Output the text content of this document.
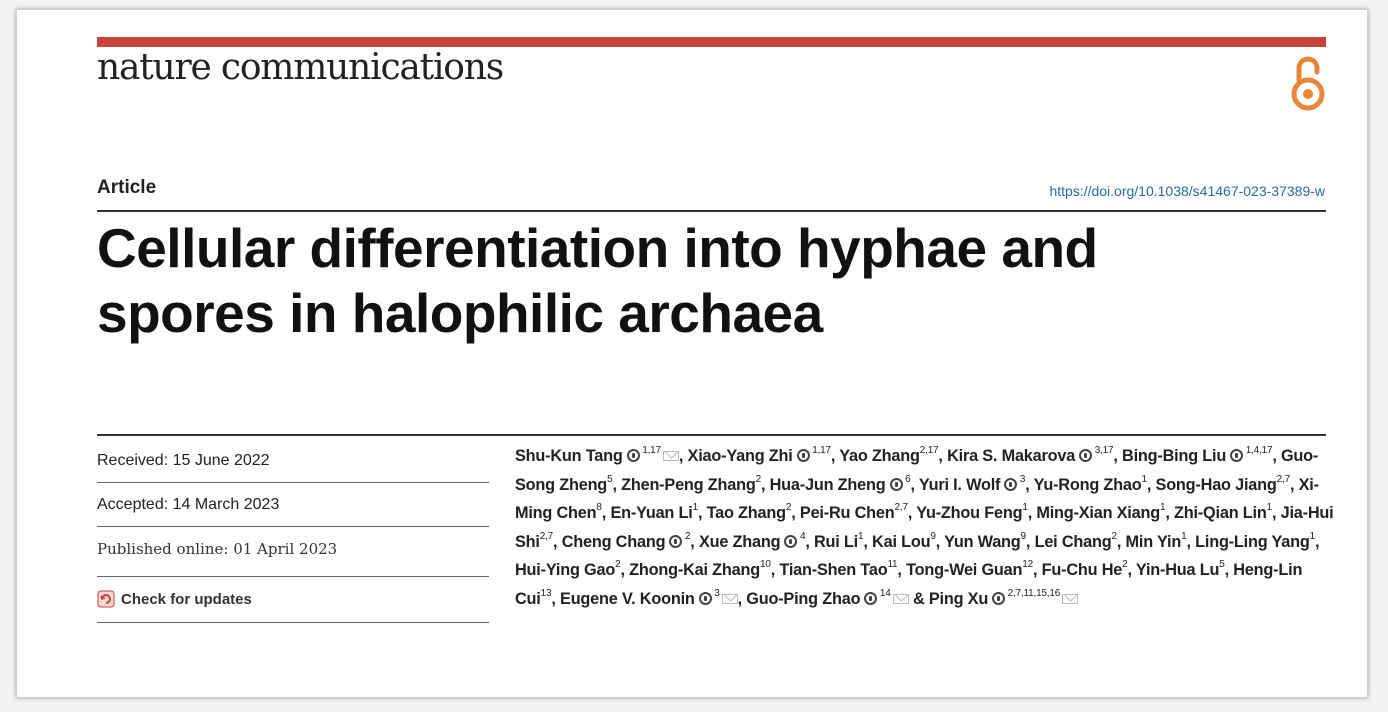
nature communications
Article	https://doi.org/10.1038/s41467-023-37389-w
Cellular differentiation into hyphae and
spores in halophilic archaea
Received: 15 June 2022
Accepted: 14 March 2023
Published online: 01 April 2023
Check for updates
Shu-Kun Tang $^{1,17}$ , Xiao-Yang Zhi $^{1,17}$, Yao Zhang$^{2,17}$, Kira S. Makarova $^{3,17}$, Bing-Bing Liu $^{1,4,17}$, Guo-Song Zheng$^5$, Zhen-Peng Zhang$^2$, Hua-Jun Zheng $^6$, Yuri I. Wolf $^3$, Yu-Rong Zhao$^1$, Song-Hao Jiang$^{2,7}$, Xi-Ming Chen$^8$, En-Yuan Li$^1$, Tao Zhang$^2$, Pei-Ru Chen$^{2,7}$, Yu-Zhou Feng$^1$, Ming-Xian Xiang$^1$, Zhi-Qian Lin$^1$, Jia-Hui Shi$^{2,7}$, Cheng Chang $^2$, Xue Zhang $^4$, Rui Li$^1$, Kai Lou$^9$, Yun Wang$^9$, Lei Chang$^2$, Min Yin$^1$, Ling-Ling Yang$^1$, Hui-Ying Gao$^2$, Zhong-Kai Zhang$^{10}$, Tian-Shen Tao$^{11}$, Tong-Wei Guan$^{12}$, Fu-Chu He$^2$, Yin-Hua Lu$^5$, Heng-Lin Cui$^{13}$, Eugene V. Koonin $^3$ , Guo-Ping Zhao $^{14}$ & Ping Xu $^{2,7,11,15,16}$
